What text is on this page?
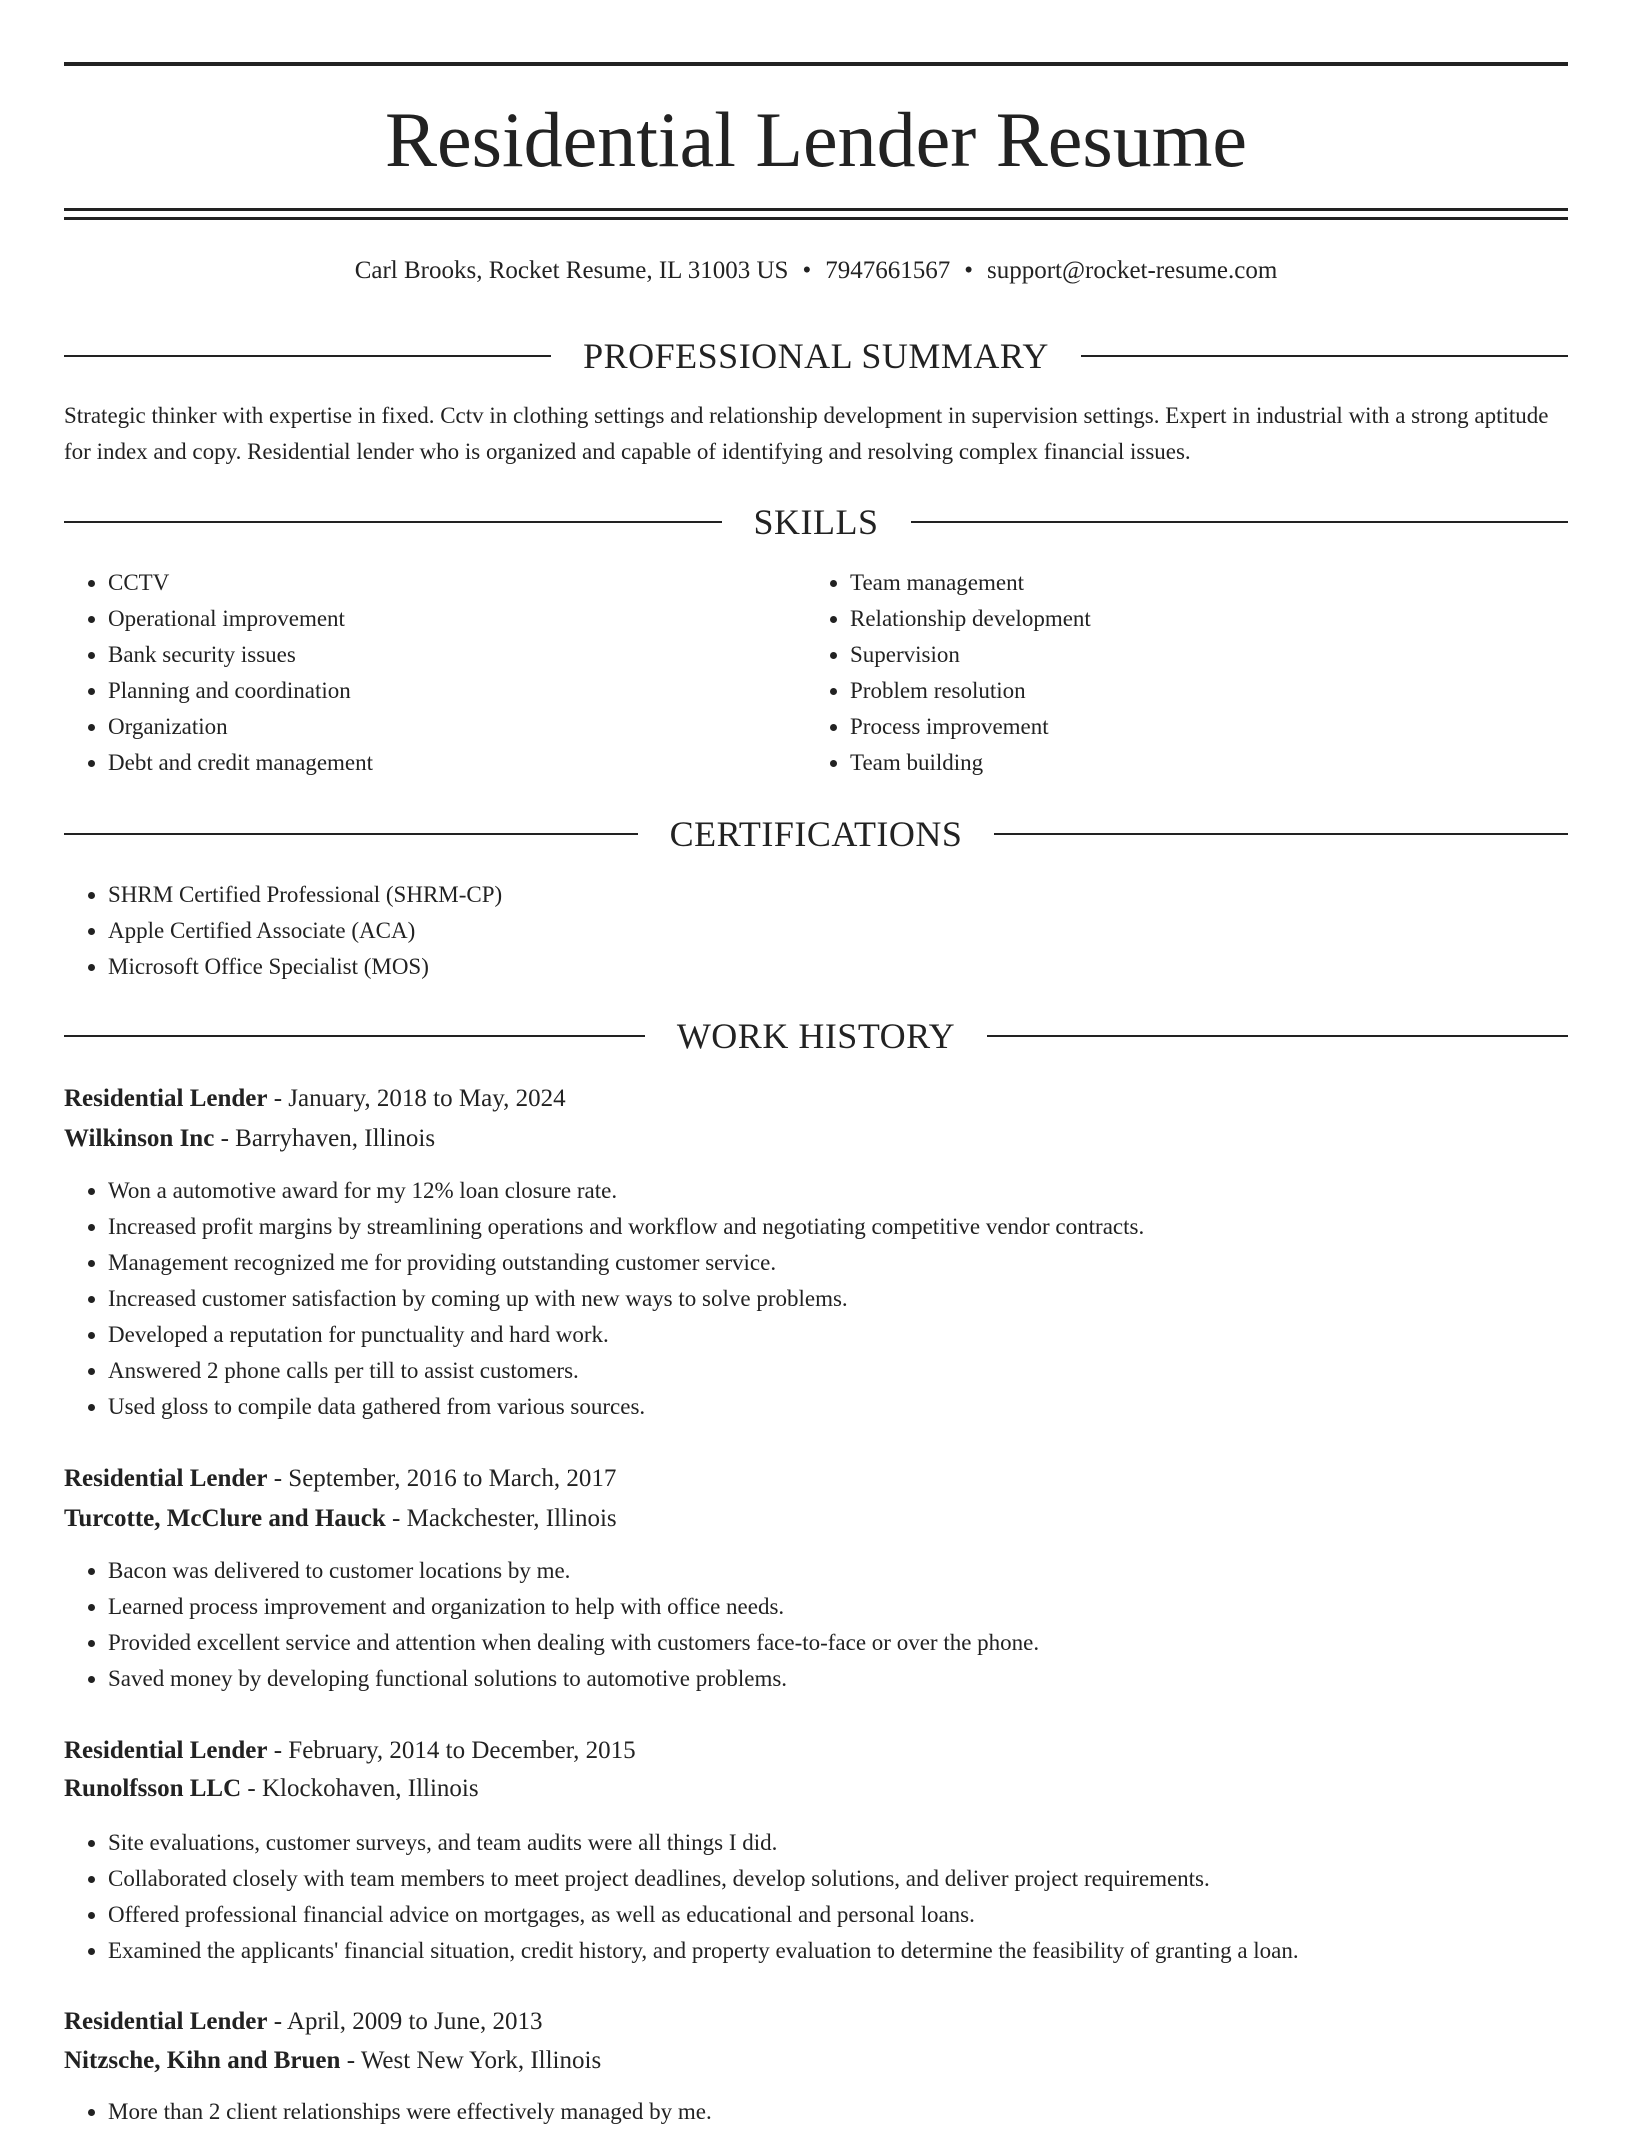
Residential Lender Resume
Carl Brooks, Rocket Resume, IL 31003 US • 7947661567 • support@rocket-resume.com
PROFESSIONAL SUMMARY

Strategic thinker with expertise in fixed. Cctv in clothing settings and relationship development in supervision settings. Expert in industrial with a strong aptitude for index and copy. Residential lender who is organized and capable of identifying and resolving complex financial issues.

SKILLS
• CCTV
• Operational improvement
• Bank security issues
• Planning and coordination
• Organization
• Debt and credit management
• Team management
• Relationship development
• Supervision
• Problem resolution
• Process improvement
• Team building
CERTIFICATIONS
• SHRM Certified Professional (SHRM-CP)
• Apple Certified Associate (ACA)
• Microsoft Office Specialist (MOS)
WORK HISTORY
Residential Lender - January, 2018 to May, 2024
Wilkinson Inc - Barryhaven, Illinois
• Won a automotive award for my 12% loan closure rate.
• Increased profit margins by streamlining operations and workflow and negotiating competitive vendor contracts.
• Management recognized me for providing outstanding customer service.
• Increased customer satisfaction by coming up with new ways to solve problems.
• Developed a reputation for punctuality and hard work.
• Answered 2 phone calls per till to assist customers.
• Used gloss to compile data gathered from various sources.
Residential Lender - September, 2016 to March, 2017
Turcotte, McClure and Hauck - Mackchester, Illinois
• Bacon was delivered to customer locations by me.
• Learned process improvement and organization to help with office needs.
• Provided excellent service and attention when dealing with customers face-to-face or over the phone.
• Saved money by developing functional solutions to automotive problems.
Residential Lender - February, 2014 to December, 2015
Runolfsson LLC - Klockohaven, Illinois
• Site evaluations, customer surveys, and team audits were all things I did.
• Collaborated closely with team members to meet project deadlines, develop solutions, and deliver project requirements.
• Offered professional financial advice on mortgages, as well as educational and personal loans.
• Examined the applicants' financial situation, credit history, and property evaluation to determine the feasibility of granting a loan.
Residential Lender - April, 2009 to June, 2013
Nitzsche, Kihn and Bruen - West New York, Illinois
• More than 2 client relationships were effectively managed by me.
